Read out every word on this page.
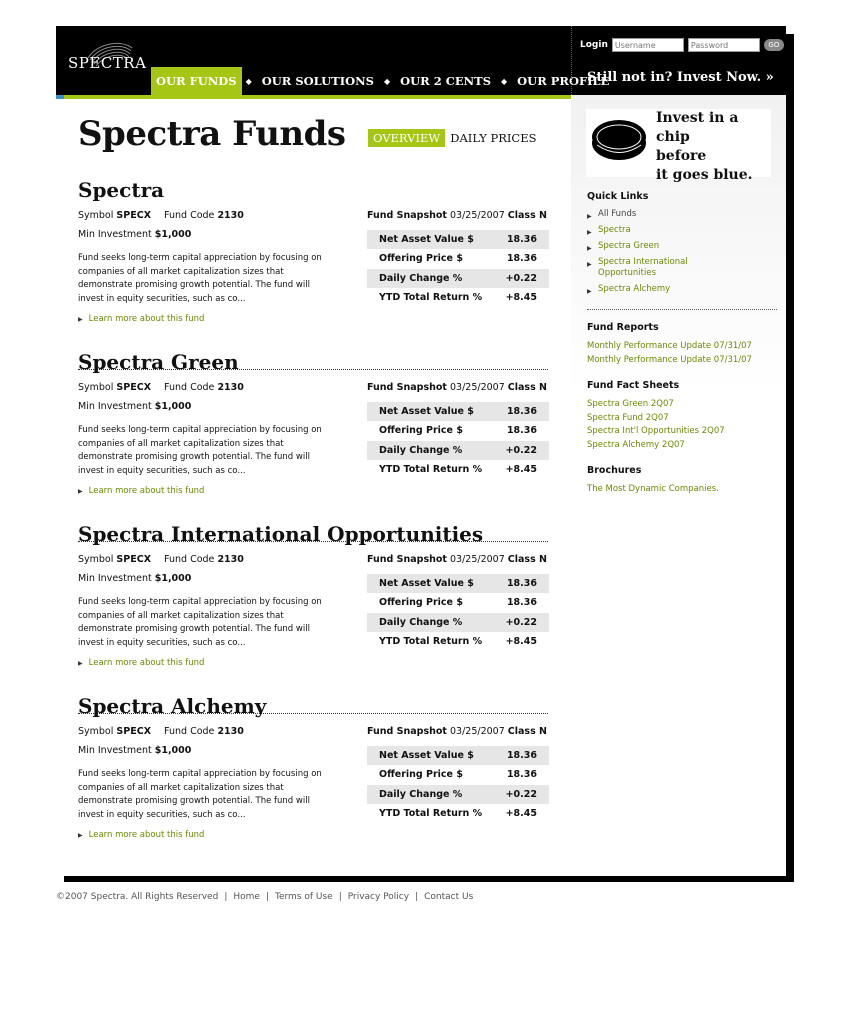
SPECTRA
OUR FUNDS	◆ OUR SOLUTIONS	◆ OUR 2 CENTS	◆ OUR PROFILE
Login
Username	GO
Still not in? Invest Now. »
Spectra Funds	OVERVIEW DAILY PRICES
Spectra
Symbol SPECX Fund Code 2130
Min Investment $1,000
Fund seeks long-term capital appreciation by focusing on companies of all market capitalization sizes that demonstrate promising growth potential. The fund will invest in equity securities, such as co...
▶ Learn more about this fund
Fund Snapshot 03/25/2007 Class N
Net Asset Value $	18.36
Offering Price $	18.36
Daily Change %	+0.22
YTD Total Return %	+8.45
Spectra Green
Symbol SPECX Fund Code 2130
Min Investment $1,000
Fund seeks long-term capital appreciation by focusing on companies of all market capitalization sizes that demonstrate promising growth potential. The fund will invest in equity securities, such as co...
▶ Learn more about this fund
Fund Snapshot 03/25/2007 Class N
Net Asset Value $	18.36
Offering Price $	18.36
Daily Change %	+0.22
YTD Total Return %	+8.45
Spectra International Opportunities
Symbol SPECX Fund Code 2130
Min Investment $1,000
Fund seeks long-term capital appreciation by focusing on companies of all market capitalization sizes that demonstrate promising growth potential. The fund will invest in equity securities, such as co...
▶ Learn more about this fund
Fund Snapshot 03/25/2007 Class N
Net Asset Value $	18.36
Offering Price $	18.36
Daily Change %	+0.22
YTD Total Return %	+8.45
Spectra Alchemy
Symbol SPECX Fund Code 2130
Min Investment $1,000
Fund seeks long-term capital appreciation by focusing on companies of all market capitalization sizes that demonstrate promising growth potential. The fund will invest in equity securities, such as co...
▶ Learn more about this fund
Fund Snapshot 03/25/2007 Class N
Net Asset Value $	18.36
Offering Price $	18.36
Daily Change %	+0.22
YTD Total Return %	+8.45
Invest in a chip
before
it goes blue.
Quick Links
▶ All Funds
▶ Spectra
▶ Spectra Green
▶ Spectra International Opportunities
▶ Spectra Alchemy
Fund Reports
Monthly Performance Update 07/31/07
Monthly Performance Update 07/31/07
Fund Fact Sheets
Spectra Green 2Q07
Spectra Fund 2Q07
Spectra Int'l Opportunities 2Q07
Spectra Alchemy 2Q07
Brochures
The Most Dynamic Companies.
©2007 Spectra. All Rights Reserved | Home | Terms of Use | Privacy Policy | Contact Us
